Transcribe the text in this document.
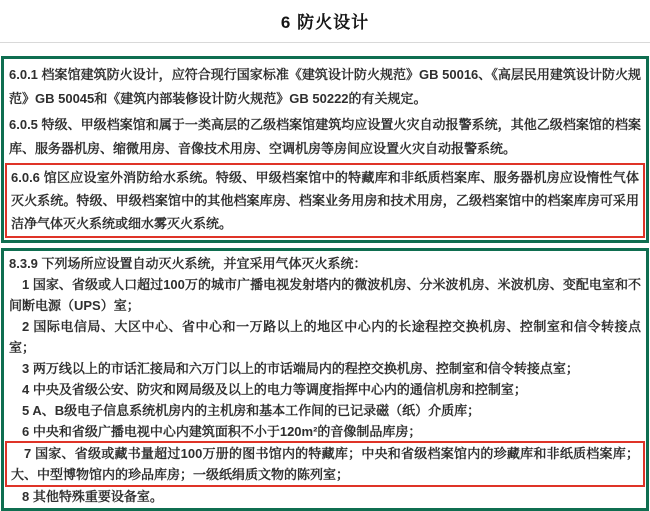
6 防火设计

6.0.1 档案馆建筑防火设计，应符合现行国家标准《建筑设计防火规范》GB 50016、《高层民用建筑设计防火规范》GB 50045和《建筑内部装修设计防火规范》GB 50222的有关规定。

6.0.5 特级、甲级档案馆和属于一类高层的乙级档案馆建筑均应设置火灾自动报警系统，其他乙级档案馆的档案库、服务器机房、缩微用房、音像技术用房、空调机房等房间应设置火灾自动报警系统。

6.0.6 馆区应设室外消防给水系统。特级、甲级档案馆中的特藏库和非纸质档案库、服务器机房应设惰性气体灭火系统。特级、甲级档案馆中的其他档案库房、档案业务用房和技术用房，乙级档案馆中的档案库房可采用洁净气体灭火系统或细水雾灭火系统。

8.3.9 下列场所应设置自动灭火系统，并宜采用气体灭火系统：

1 国家、省级或人口超过100万的城市广播电视发射塔内的微波机房、分米波机房、米波机房、变配电室和不间断电源（UPS）室；

2 国际电信局、大区中心、省中心和一万路以上的地区中心内的长途程控交换机房、控制室和信令转接点室；

3 两万线以上的市话汇接局和六万门以上的市话端局内的程控交换机房、控制室和信令转接点室；

4 中央及省级公安、防灾和网局级及以上的电力等调度指挥中心内的通信机房和控制室；

5 A、B级电子信息系统机房内的主机房和基本工作间的已记录磁（纸）介质库；

6 中央和省级广播电视中心内建筑面积不小于120m²的音像制品库房；

7 国家、省级或藏书量超过100万册的图书馆内的特藏库；中央和省级档案馆内的珍藏库和非纸质档案库；大、中型博物馆内的珍品库房；一级纸绢质文物的陈列室；

8 其他特殊重要设备室。
